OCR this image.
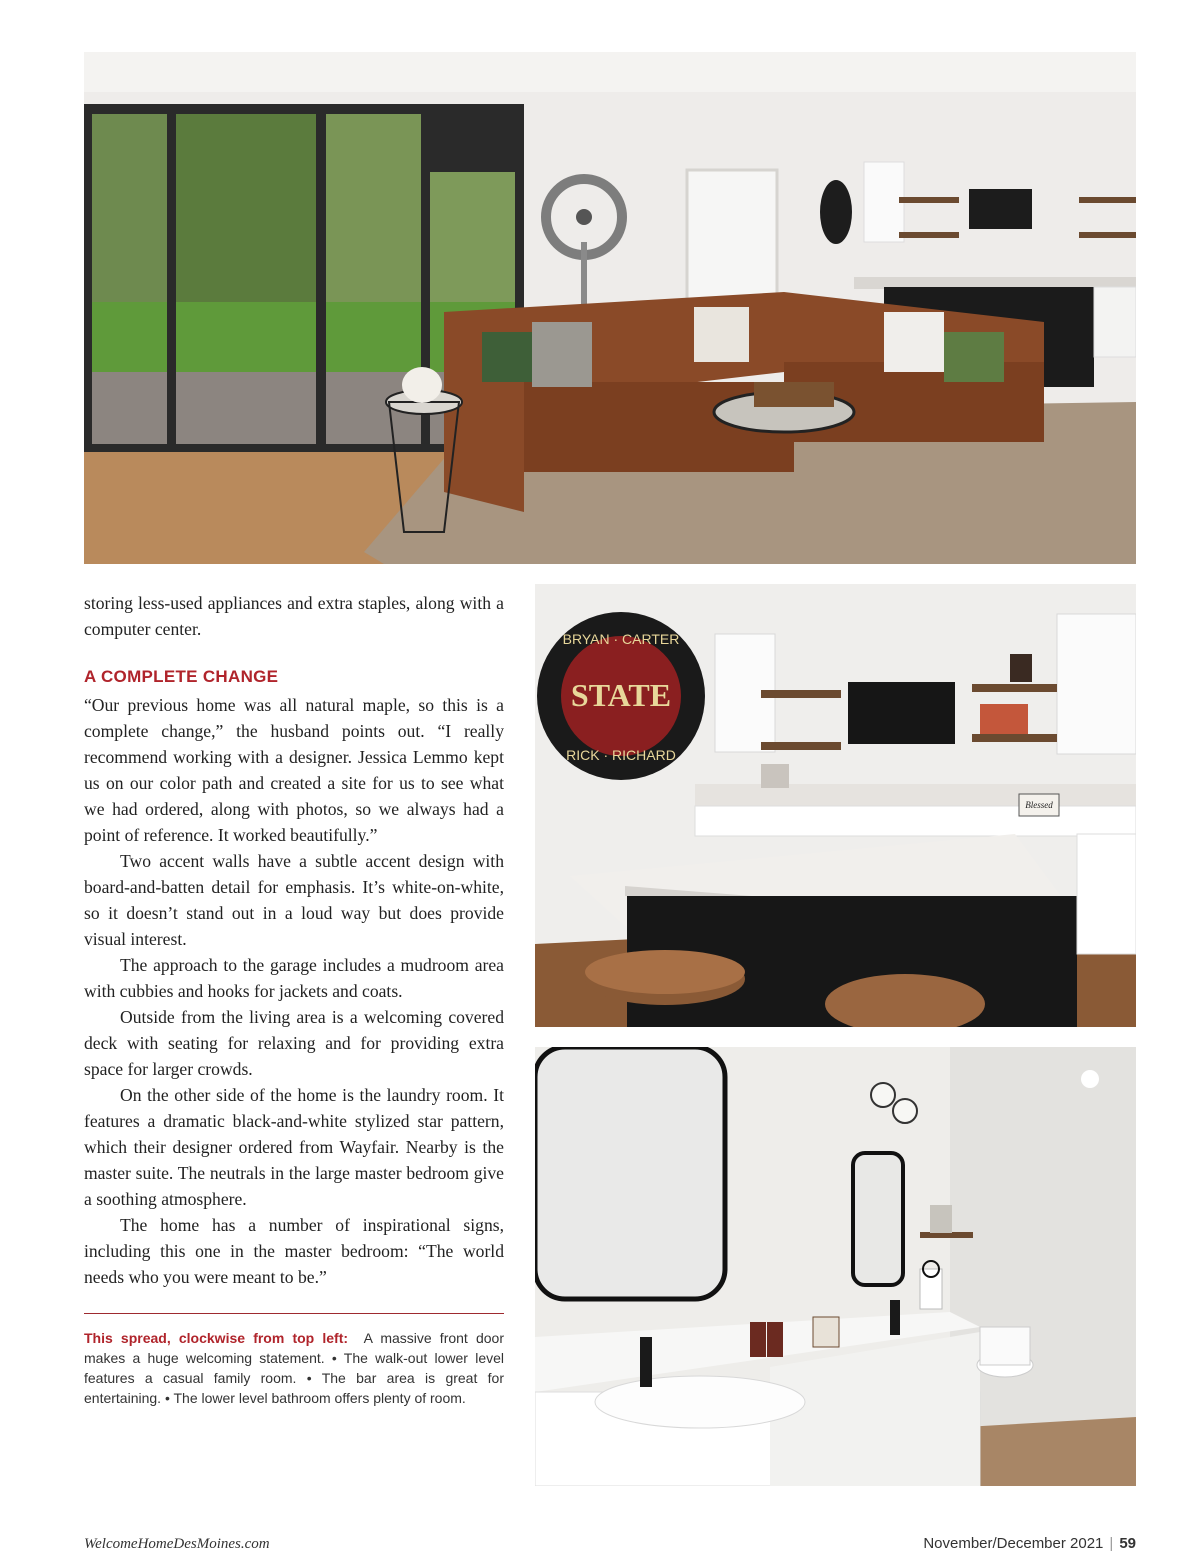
BRYAN · CARTER
STATE
RICK · RICHARD
Blessed

storing less-used appliances and extra staples, along with a computer center.

A COMPLETE CHANGE

“Our previous home was all natural maple, so this is a complete change,” the husband points out. “I really recommend working with a designer. Jessica Lemmo kept us on our color path and created a site for us to see what we had ordered, along with photos, so we always had a point of reference. It worked beautifully.”

Two accent walls have a subtle accent design with board-and-batten detail for emphasis. It’s white-on-white, so it doesn’t stand out in a loud way but does provide visual interest.

The approach to the garage includes a mudroom area with cubbies and hooks for jackets and coats.

Outside from the living area is a welcoming covered deck with seating for relaxing and for providing extra space for larger crowds.

On the other side of the home is the laundry room. It features a dramatic black-and-white stylized star pattern, which their designer ordered from Wayfair. Nearby is the master suite. The neutrals in the large master bedroom give a soothing atmosphere.

The home has a number of inspirational signs, including this one in the master bedroom: “The world needs who you were meant to be.”

This spread, clockwise from top left: A massive front door makes a huge welcoming statement. • The walk-out lower level features a casual family room. • The bar area is great for entertaining. • The lower level bathroom offers plenty of room.
WelcomeHomeDesMoines.com	November/December 2021 | 59
